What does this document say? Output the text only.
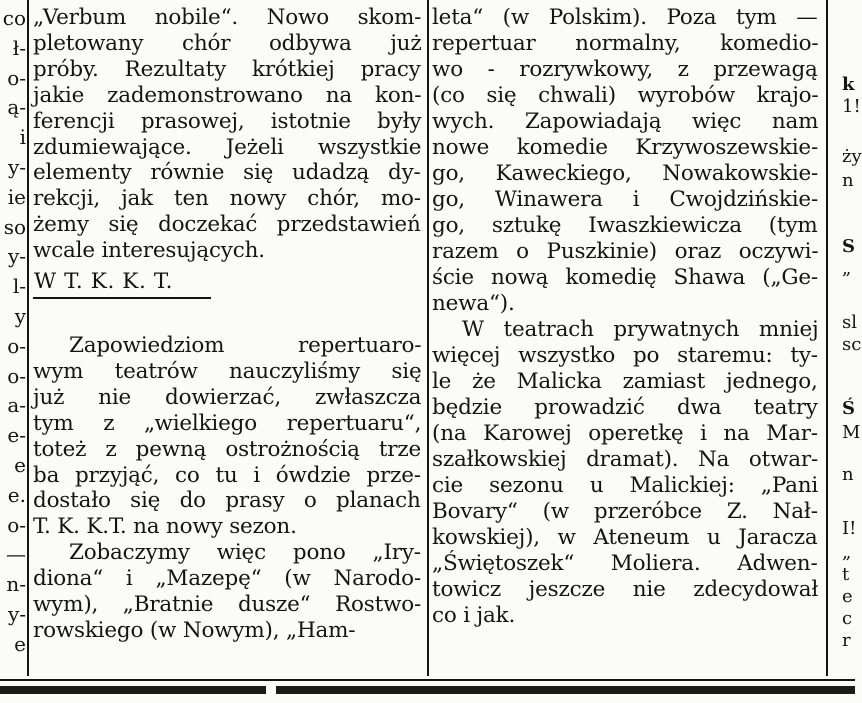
co
ł-
o-
ą-
i
y-
ie
so
y-
l-
y
o-
o-
a-
e-
e
e.
o-
—
n-
y-
e
„Verbum nobile“. Nowo skom-
pletowany chór odbywa już
próby. Rezultaty krótkiej pracy
jakie zademonstrowano na kon-
ferencji prasowej, istotnie były
zdumiewające. Jeżeli wszystkie
elementy równie się udadzą dy-
rekcji, jak ten nowy chór, mo-
żemy się doczekać przedstawień
wcale interesujących.
W T. K. K. T.
Zapowiedziom repertuaro-
wym teatrów nauczyliśmy się
już nie dowierzać, zwłaszcza
tym z „wielkiego repertuaru“,
toteż z pewną ostrożnością trze
ba przyjąć, co tu i ówdzie prze-
dostało się do prasy o planach
T. K. K.T. na nowy sezon.
Zobaczymy więc pono „Iry-
diona“ i „Mazepę“ (w Narodo-
wym), „Bratnie dusze“ Rostwo-
rowskiego (w Nowym), „Ham-
leta“ (w Polskim). Poza tym —
repertuar normalny, komedio-
wo - rozrywkowy, z przewagą
(co się chwali) wyrobów krajo-
wych. Zapowiadają więc nam
nowe komedie Krzywoszewskie-
go, Kaweckiego, Nowakowskie-
go, Winawera i Cwojdzińskie-
go, sztukę Iwaszkiewicza (tym
razem o Puszkinie) oraz oczywi-
ście nową komedię Shawa („Ge-
newa“).
W teatrach prywatnych mniej
więcej wszystko po staremu: ty-
le że Malicka zamiast jednego,
będzie prowadzić dwa teatry
(na Karowej operetkę i na Mar-
szałkowskiej dramat). Na otwar-
cie sezonu u Malickiej: „Pani
Bovary“ (w przeróbce Z. Nał-
kowskiej), w Ateneum u Jaracza
„Świętoszek“ Moliera. Adwen-
towicz jeszcze nie zdecydował
co i jak.
k
1!
ży
n
S
„
sl
sc
Ś
M
n
I!
„
t
e
c
r
